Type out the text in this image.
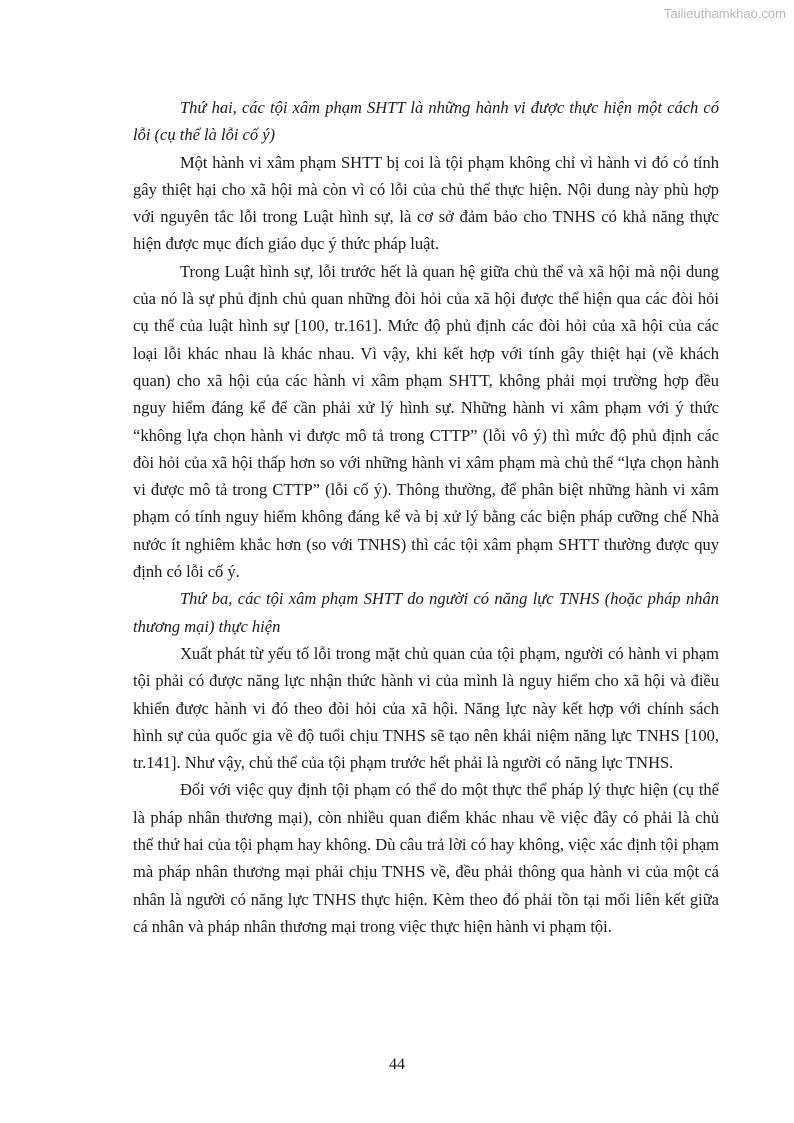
Tailieuthamkhao.com

Thứ hai, các tội xâm phạm SHTT là những hành vi được thực hiện một cách có lỗi (cụ thể là lỗi cố ý)

Một hành vi xâm phạm SHTT bị coi là tội phạm không chỉ vì hành vi đó có tính gây thiệt hại cho xã hội mà còn vì có lỗi của chủ thể thực hiện. Nội dung này phù hợp với nguyên tắc lỗi trong Luật hình sự, là cơ sở đảm bảo cho TNHS có khả năng thực hiện được mục đích giáo dục ý thức pháp luật.

Trong Luật hình sự, lỗi trước hết là quan hệ giữa chủ thể và xã hội mà nội dung của nó là sự phủ định chủ quan những đòi hỏi của xã hội được thể hiện qua các đòi hỏi cụ thể của luật hình sự [100, tr.161]. Mức độ phủ định các đòi hỏi của xã hội của các loại lỗi khác nhau là khác nhau. Vì vậy, khi kết hợp với tính gây thiệt hại (về khách quan) cho xã hội của các hành vi xâm phạm SHTT, không phải mọi trường hợp đều nguy hiểm đáng kể để cần phải xử lý hình sự. Những hành vi xâm phạm với ý thức “không lựa chọn hành vi được mô tả trong CTTP” (lỗi vô ý) thì mức độ phủ định các đòi hỏi của xã hội thấp hơn so với những hành vi xâm phạm mà chủ thể “lựa chọn hành vi được mô tả trong CTTP” (lỗi cố ý). Thông thường, để phân biệt những hành vi xâm phạm có tính nguy hiểm không đáng kể và bị xử lý bằng các biện pháp cưỡng chế Nhà nước ít nghiêm khắc hơn (so với TNHS) thì các tội xâm phạm SHTT thường được quy định có lỗi cố ý.

Thứ ba, các tội xâm phạm SHTT do người có năng lực TNHS (hoặc pháp nhân thương mại) thực hiện

Xuất phát từ yếu tố lỗi trong mặt chủ quan của tội phạm, người có hành vi phạm tội phải có được năng lực nhận thức hành vi của mình là nguy hiểm cho xã hội và điều khiển được hành vi đó theo đòi hỏi của xã hội. Năng lực này kết hợp với chính sách hình sự của quốc gia về độ tuổi chịu TNHS sẽ tạo nên khái niệm năng lực TNHS [100, tr.141]. Như vậy, chủ thể của tội phạm trước hết phải là người có năng lực TNHS.

Đối với việc quy định tội phạm có thể do một thực thể pháp lý thực hiện (cụ thể là pháp nhân thương mại), còn nhiều quan điểm khác nhau về việc đây có phải là chủ thể thứ hai của tội phạm hay không. Dù câu trả lời có hay không, việc xác định tội phạm mà pháp nhân thương mại phải chịu TNHS về, đều phải thông qua hành vi của một cá nhân là người có năng lực TNHS thực hiện. Kèm theo đó phải tồn tại mối liên kết giữa cá nhân và pháp nhân thương mại trong việc thực hiện hành vi phạm tội.

44
